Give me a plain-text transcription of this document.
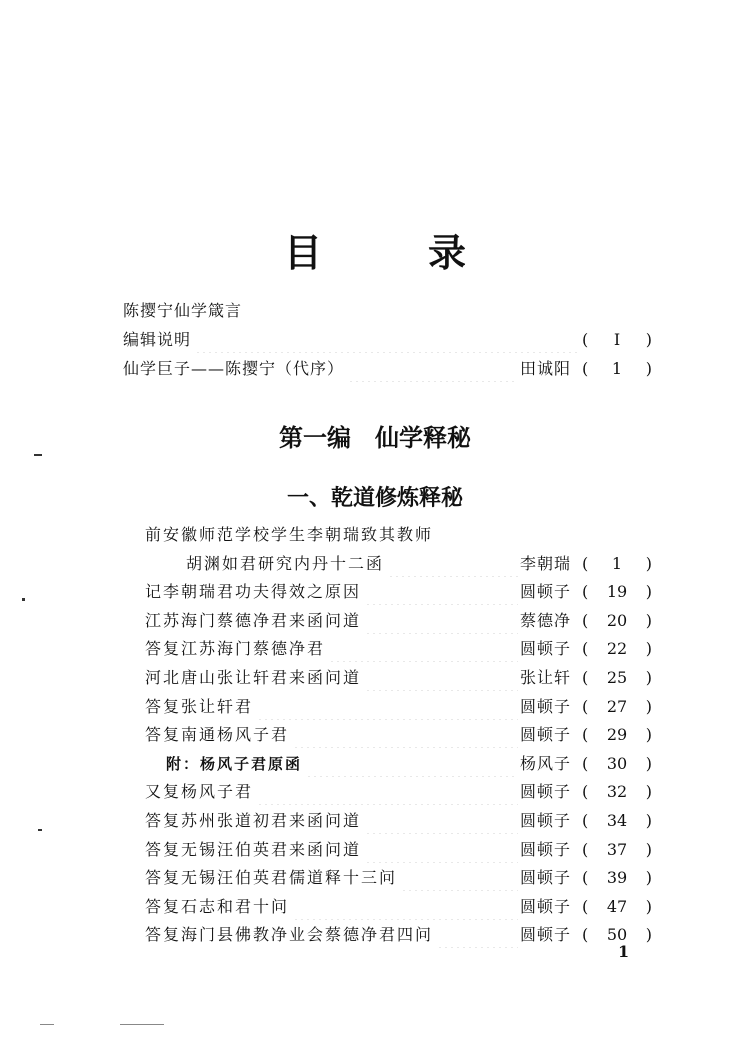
目　录
陈撄宁仙学箴言
编辑说明	(	Ⅰ	)
仙学巨子——陈撄宁（代序）	田诚阳 (	1	)
第一编　仙学释秘
一、乾道修炼释秘
前安徽师范学校学生李朝瑞致其教师
胡渊如君研究内丹十二函	李朝瑞 (	1	)
记李朝瑞君功夫得效之原因	圆顿子 (	19	)
江苏海门蔡德净君来函问道	蔡德净 (	20	)
答复江苏海门蔡德净君	圆顿子 (	22	)
河北唐山张让轩君来函问道	张让轩 (	25	)
答复张让轩君	圆顿子 (	27	)
答复南通杨风子君	圆顿子 (	29	)
附：杨风子君原函	杨风子 (	30	)
又复杨风子君	圆顿子 (	32	)
答复苏州张道初君来函问道	圆顿子 (	34	)
答复无锡汪伯英君来函问道	圆顿子 (	37	)
答复无锡汪伯英君儒道释十三问	圆顿子 (	39	)
答复石志和君十问	圆顿子 (	47	)
答复海门县佛教净业会蔡德净君四问	圆顿子 (	50	)
1
